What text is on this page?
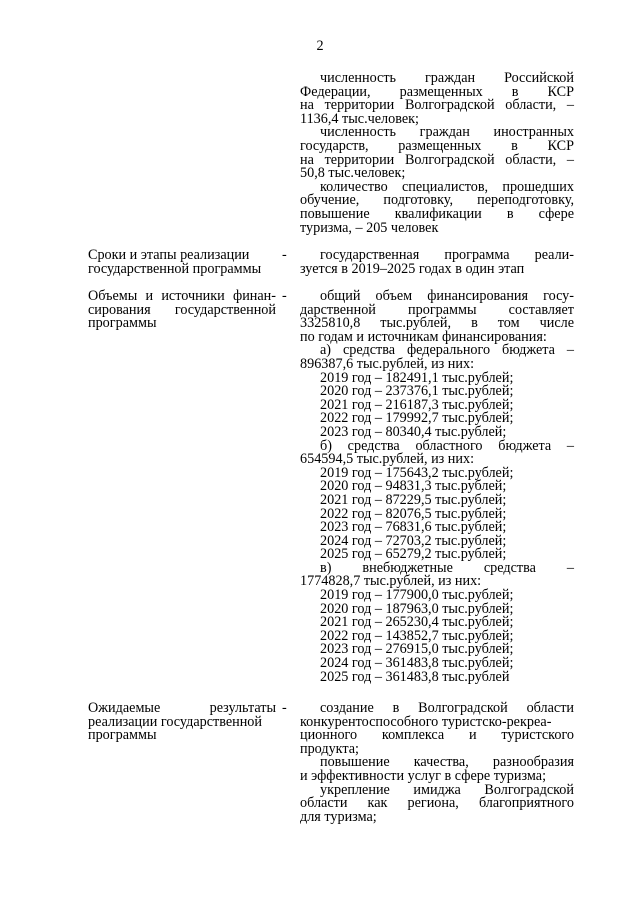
2
численность граждан Российской
Федерации, размещенных в КСР
на территории Волгоградской области, –
1136,4 тыс.человек;
численность граждан иностранных
государств, размещенных в КСР
на территории Волгоградской области, –
50,8 тыс.человек;
количество специалистов, прошедших
обучение, подготовку, переподготовку,
повышение квалификации в сфере
туризма, – 205 человек
Сроки и этапы реализации
государственной программы
-	государственная программа реали-
зуется в 2019–2025 годах в один этап
Объемы и источники финан-
сирования государственной
программы
-	общий объем финансирования госу-
дарственной программы составляет
3325810,8 тыс.рублей, в том числе
по годам и источникам финансирования:
а) средства федерального бюджета –
896387,6 тыс.рублей, из них:
2019 год – 182491,1 тыс.рублей;
2020 год – 237376,1 тыс.рублей;
2021 год – 216187,3 тыс.рублей;
2022 год – 179992,7 тыс.рублей;
2023 год – 80340,4 тыс.рублей;
б) средства областного бюджета –
654594,5 тыс.рублей, из них:
2019 год – 175643,2 тыс.рублей;
2020 год – 94831,3 тыс.рублей;
2021 год – 87229,5 тыс.рублей;
2022 год – 82076,5 тыс.рублей;
2023 год – 76831,6 тыс.рублей;
2024 год – 72703,2 тыс.рублей;
2025 год – 65279,2 тыс.рублей;
в) внебюджетные средства –
1774828,7 тыс.рублей, из них:
2019 год – 177900,0 тыс.рублей;
2020 год – 187963,0 тыс.рублей;
2021 год – 265230,4 тыс.рублей;
2022 год – 143852,7 тыс.рублей;
2023 год – 276915,0 тыс.рублей;
2024 год – 361483,8 тыс.рублей;
2025 год – 361483,8 тыс.рублей
Ожидаемые результаты
реализации государственной
программы
-	создание в Волгоградской области
конкурентоспособного туристско-рекреа-
ционного комплекса и туристского
продукта;
повышение качества, разнообразия
и эффективности услуг в сфере туризма;
укрепление имиджа Волгоградской
области как региона, благоприятного
для туризма;
